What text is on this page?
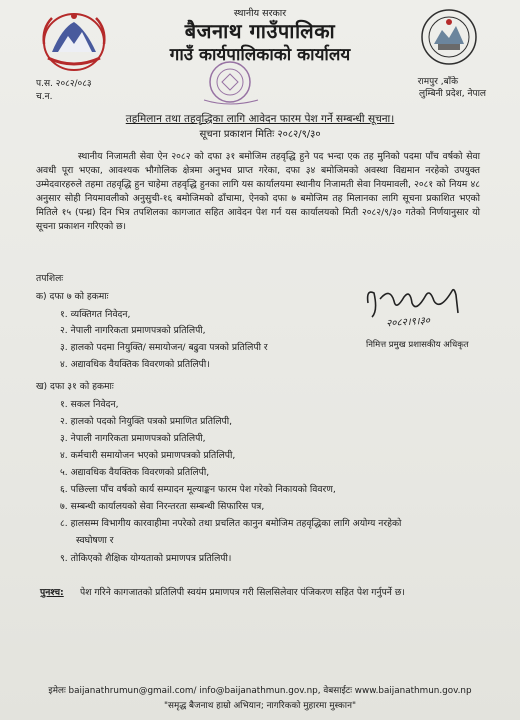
स्थानीय सरकार
बैजनाथ गाउँपालिका
गाउँ कार्यपालिकाको कार्यालय
प.स. २०८२/०८३
च.न.
रामपुर ,बाँके
लुम्बिनी प्रदेश, नेपाल
तहमिलान तथा तहवृद्धिका लागि आवेदन फारम पेश गर्ने सम्बन्धी सूचना।
सूचना प्रकाशन मितिः २०८२/९/३०
स्थानीय निजामती सेवा ऐन २०८२ को दफा ३१ बमोजिम तहवृद्धि हुने पद भन्दा एक तह मुनिको पदमा पाँच वर्षको सेवा अवधी पूरा भएका, आवश्यक भौगोलिक क्षेत्रमा अनुभव प्राप्त गरेका, दफा ३४ बमोजिमको अवस्था विद्यमान नरहेको उपयुक्त उम्मेदवारहरुले तहमा तहवृद्धि हुन चाहेमा तहवृद्धि हुनका लागि यस कार्यालयमा स्थानीय निजामती सेवा नियमावली, २०८१ को नियम ४८ अनुसार सोही नियमावलीको अनुसुची-१६ बमोजिमको ढाँचामा, ऐनको दफा ७ बमोजिम तह मिलानका लागि सूचना प्रकाशित भएको मितिले १५ (पन्ध्र) दिन भित्र तपशिलका कागजात सहित आवेदन पेश गर्न यस कार्यालयको मिती २०८२/९/३० गतेको निर्णयानुसार यो सूचना प्रकाशन गरिएको छ।
तपशिलः
क) दफा ७ को हकमाः
१. व्यक्तिगत निवेदन,
२. नेपाली नागरिकता प्रमाणपत्रको प्रतिलिपी,
३. हालको पदमा नियुक्ति/ समायोजन/ बढुवा पत्रको प्रतिलिपी र
४. अद्यावधिक वैयक्तिक विवरणको प्रतिलिपी।
२०८२।९।३०
निमित्त प्रमुख प्रशासकीय अधिकृत
ख) दफा ३१ को हकमाः
१. सकल निवेदन,
२. हालको पदको नियुक्ति पत्रको प्रमाणित प्रतिलिपी,
३. नेपाली नागरिकता प्रमाणपत्रको प्रतिलिपी,
४. कर्मचारी समायोजन भएको प्रमाणपत्रको प्रतिलिपी,
५. अद्यावधिक वैयक्तिक विवरणको प्रतिलिपी,
६. पछिल्ला पाँच वर्षको कार्य सम्पादन मूल्याङ्कन फारम पेश गरेको निकायको विवरण,
७. सम्बन्धी कार्यालयको सेवा निरन्तरता सम्बन्धी सिफारिस पत्र,
८. हालसम्म विभागीय कारवाहीमा नपरेको तथा प्रचलित कानुन बमोजिम तहवृद्धिका लागि अयोग्य नरहेको
स्वघोषणा र
९. तोकिएको शैक्षिक योग्यताको प्रमाणपत्र प्रतिलिपी।
पुनश्च: पेश गरिने कागजातको प्रतिलिपी स्वयंम प्रमाणपत्र गरी सिलसिलेवार पंजिकरण सहित पेश गर्नुपर्ने छ।
इमेलः baijanathrumun@gmail.com/ info@baijanathmun.gov.np, वेबसाईटः www.baijanathmun.gov.np
"समृद्ध बैजनाथ हाम्रो अभियान; नागरिकको मुहारमा मुस्कान"
